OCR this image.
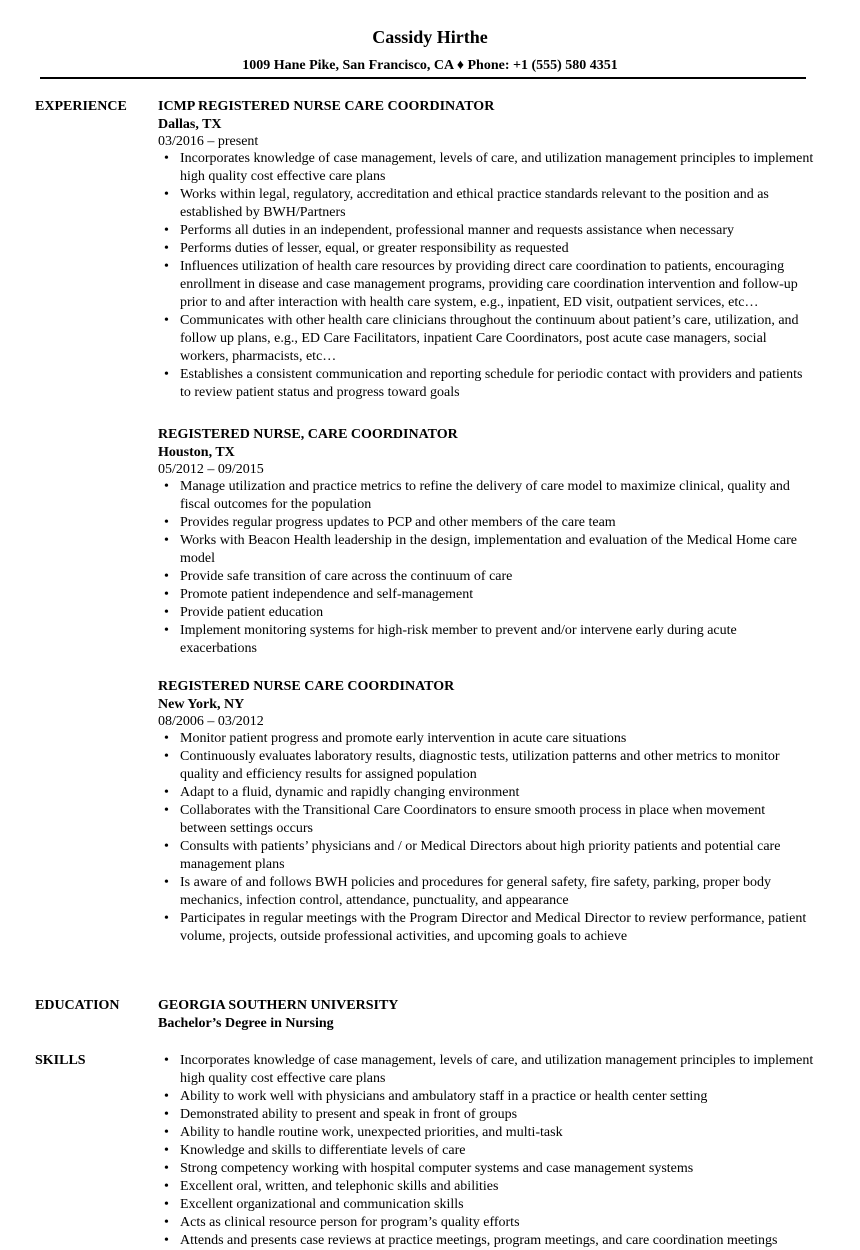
Cassidy Hirthe
1009 Hane Pike, San Francisco, CA ♦ Phone: +1 (555) 580 4351
EXPERIENCE ICMP REGISTERED NURSE CARE COORDINATOR
Dallas, TX
03/2016 – present
• Incorporates knowledge of case management, levels of care, and utilization management principles to implement high quality cost effective care plans
• Works within legal, regulatory, accreditation and ethical practice standards relevant to the position and as established by BWH/Partners
• Performs all duties in an independent, professional manner and requests assistance when necessary
• Performs duties of lesser, equal, or greater responsibility as requested
• Influences utilization of health care resources by providing direct care coordination to patients, encouraging enrollment in disease and case management programs, providing care coordination intervention and follow-up prior to and after interaction with health care system, e.g., inpatient, ED visit, outpatient services, etc…
• Communicates with other health care clinicians throughout the continuum about patient’s care, utilization, and follow up plans, e.g., ED Care Facilitators, inpatient Care Coordinators, post acute case managers, social workers, pharmacists, etc…
• Establishes a consistent communication and reporting schedule for periodic contact with providers and patients to review patient status and progress toward goals
REGISTERED NURSE, CARE COORDINATOR
Houston, TX
05/2012 – 09/2015
• Manage utilization and practice metrics to refine the delivery of care model to maximize clinical, quality and fiscal outcomes for the population
• Provides regular progress updates to PCP and other members of the care team
• Works with Beacon Health leadership in the design, implementation and evaluation of the Medical Home care model
• Provide safe transition of care across the continuum of care
• Promote patient independence and self-management
• Provide patient education
• Implement monitoring systems for high-risk member to prevent and/or intervene early during acute exacerbations
REGISTERED NURSE CARE COORDINATOR
New York, NY
08/2006 – 03/2012
• Monitor patient progress and promote early intervention in acute care situations
• Continuously evaluates laboratory results, diagnostic tests, utilization patterns and other metrics to monitor quality and efficiency results for assigned population
• Adapt to a fluid, dynamic and rapidly changing environment
• Collaborates with the Transitional Care Coordinators to ensure smooth process in place when movement between settings occurs
• Consults with patients’ physicians and / or Medical Directors about high priority patients and potential care management plans
• Is aware of and follows BWH policies and procedures for general safety, fire safety, parking, proper body mechanics, infection control, attendance, punctuality, and appearance
• Participates in regular meetings with the Program Director and Medical Director to review performance, patient volume, projects, outside professional activities, and upcoming goals to achieve
EDUCATION	GEORGIA SOUTHERN UNIVERSITY
Bachelor’s Degree in Nursing
SKILLS	• Incorporates knowledge of case management, levels of care, and utilization management principles to implement high quality cost effective care plans
• Ability to work well with physicians and ambulatory staff in a practice or health center setting
• Demonstrated ability to present and speak in front of groups
• Ability to handle routine work, unexpected priorities, and multi-task
• Knowledge and skills to differentiate levels of care
• Strong competency working with hospital computer systems and case management systems
• Excellent oral, written, and telephonic skills and abilities
• Excellent organizational and communication skills
• Acts as clinical resource person for program’s quality efforts
• Attends and presents case reviews at practice meetings, program meetings, and care coordination meetings
